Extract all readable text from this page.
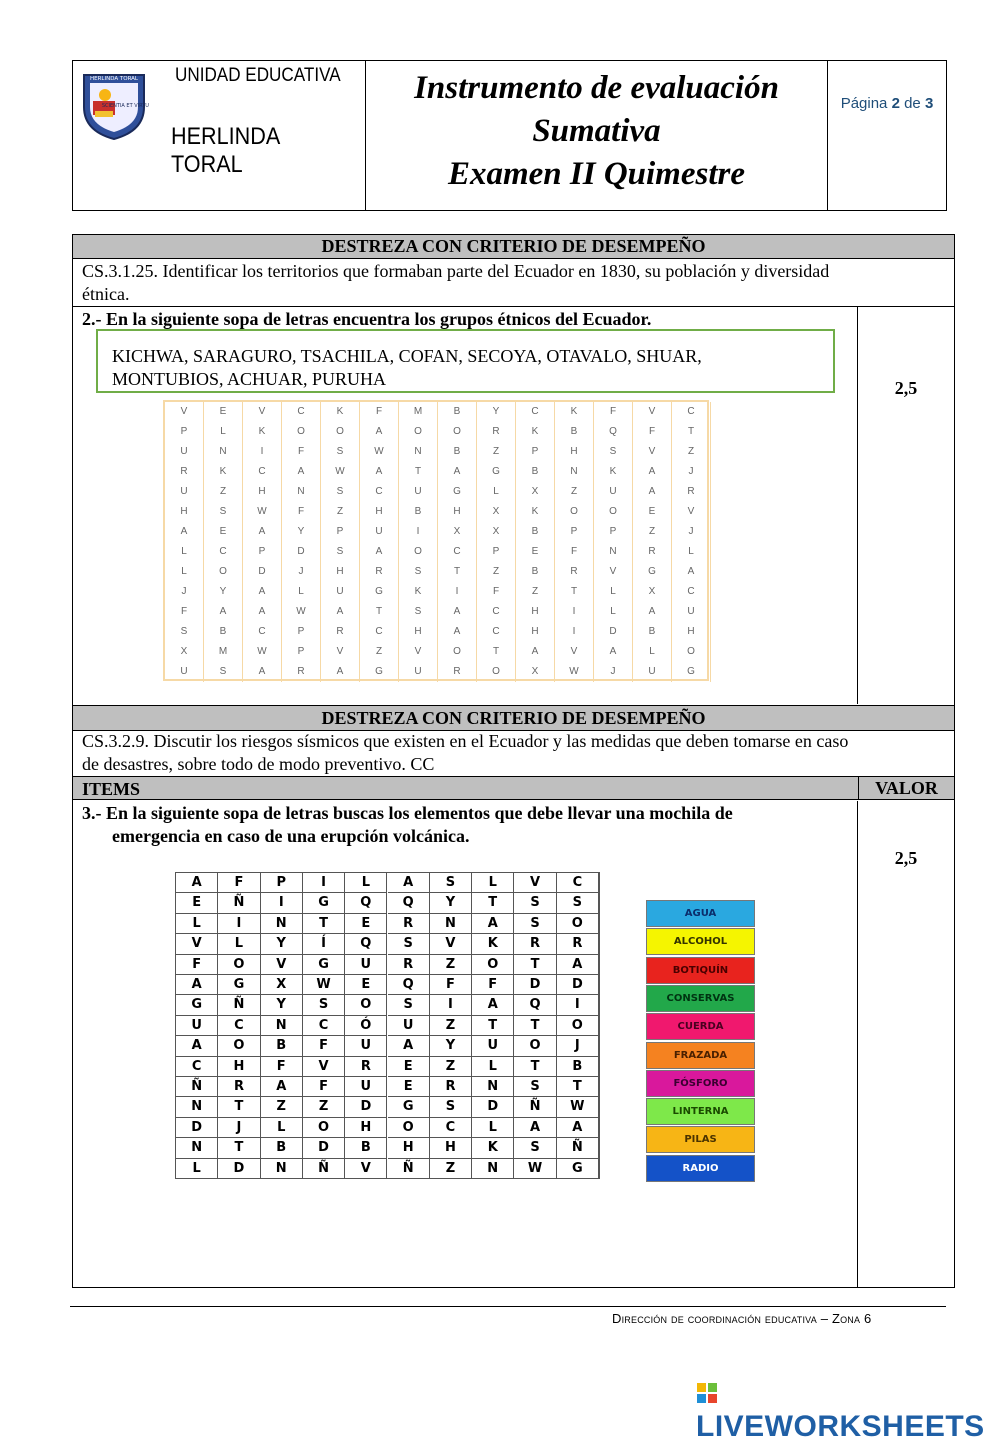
SCIENTIA ET VIRTUS
HERLINDA TORAL UNIDAD EDUCATIVA
HERLINDA TORAL
Instrumento de evaluación
Sumativa
Examen II Quimestre
Página 2 de 3
DESTREZA CON CRITERIO DE DESEMPEÑO
CS.3.1.25. Identificar los territorios que formaban parte del Ecuador en 1830, su población y diversidad
étnica.
2.- En la siguiente sopa de letras encuentra los grupos étnicos del Ecuador.
2,5
DESTREZA CON CRITERIO DE DESEMPEÑO
CS.3.2.9. Discutir los riesgos sísmicos que existen en el Ecuador y las medidas que deben tomarse en caso
de desastres, sobre todo de modo preventivo. CC
ITEMS	VALOR
3.- En la siguiente sopa de letras buscas los elementos que debe llevar una mochila de
emergencia en caso de una erupción volcánica.
2,5
KICHWA, SARAGURO, TSACHILA, COFAN, SECOYA, OTAVALO, SHUAR,
MONTUBIOS, ACHUAR, PURUHA
V	E	V	C	K	F	M	B	Y	C	K	F	V	C
P	L	K	O	O	A	O	O	R	K	B	Q	F	T
U	N	I	F	S	W	N	B	Z	P	H	S	V	Z
R	K	C	A	W	A	T	A	G	B	N	K	A	J
U	Z	H	N	S	C	U	G	L	X	Z	U	A	R
H	S	W	F	Z	H	B	H	X	K	O	O	E	V
A	E	A	Y	P	U	I	X	X	B	P	P	Z	J
L	C	P	D	S	A	O	C	P	E	F	N	R	L
L	O	D	J	H	R	S	T	Z	B	R	V	G	A
J	Y	A	L	U	G	K	I	F	Z	T	L	X	C
F	A	A	W	A	T	S	A	C	H	I	L	A	U
S	B	C	P	R	C	H	A	C	H	I	D	B	H
X	M	W	P	V	Z	V	O	T	A	V	A	L	O
U	S	A	R	A	G	U	R	O	X	W	J	U	G
A	F	P	I	L	A	S	L	V	C
E	Ñ	I	G	Q	Q	Y	T	S	S
L	I	N	T	E	R	N	A	S	O
V	L	Y	Í	Q	S	V	K	R	R
F	O	V	G	U	R	Z	O	T	A
A	G	X	W	E	Q	F	F	D	D
G	Ñ	Y	S	O	S	I	A	Q	I
U	C	N	C	Ó	U	Z	T	T	O
A	O	B	F	U	A	Y	U	O	J
C	H	F	V	R	E	Z	L	T	B
Ñ	R	A	F	U	E	R	N	S	T
N	T	Z	Z	D	G	S	D	Ñ	W
D	J	L	O	H	O	C	L	A	A
N	T	B	D	B	H	H	K	S	Ñ
L	D	N	Ñ	V	Ñ	Z	N	W	G
AGUA
ALCOHOL
BOTIQUÍN
CONSERVAS
CUERDA
FRAZADA
FÓSFORO
LINTERNA
PILAS
RADIO
Dirección de coordinación educativa – Zona 6
LIVEWORKSHEETS
